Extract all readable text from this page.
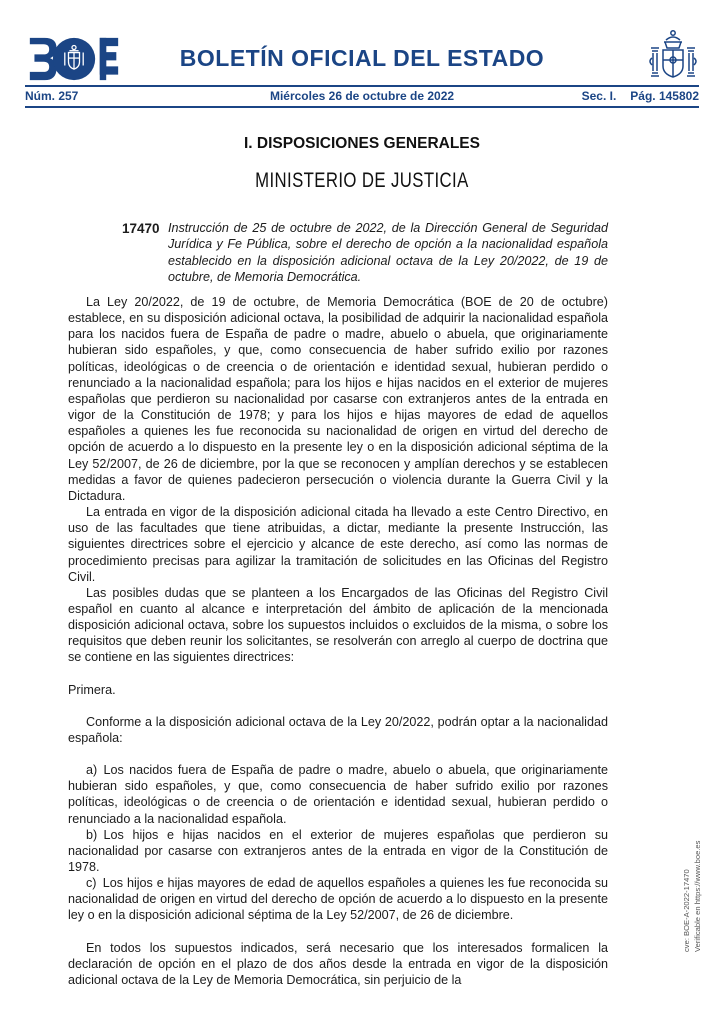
BOLETÍN OFICIAL DEL ESTADO
Núm. 257	Miércoles 26 de octubre de 2022	Sec. I. Pág. 145802
I. DISPOSICIONES GENERALES
MINISTERIO DE JUSTICIA
17470 Instrucción de 25 de octubre de 2022, de la Dirección General de Seguridad Jurídica y Fe Pública, sobre el derecho de opción a la nacionalidad española establecido en la disposición adicional octava de la Ley 20/2022, de 19 de octubre, de Memoria Democrática.

La Ley 20/2022, de 19 de octubre, de Memoria Democrática (BOE de 20 de octubre) establece, en su disposición adicional octava, la posibilidad de adquirir la nacionalidad española para los nacidos fuera de España de padre o madre, abuelo o abuela, que originariamente hubieran sido españoles, y que, como consecuencia de haber sufrido exilio por razones políticas, ideológicas o de creencia o de orientación e identidad sexual, hubieran perdido o renunciado a la nacionalidad española; para los hijos e hijas nacidos en el exterior de mujeres españolas que perdieron su nacionalidad por casarse con extranjeros antes de la entrada en vigor de la Constitución de 1978; y para los hijos e hijas mayores de edad de aquellos españoles a quienes les fue reconocida su nacionalidad de origen en virtud del derecho de opción de acuerdo a lo dispuesto en la presente ley o en la disposición adicional séptima de la Ley 52/2007, de 26 de diciembre, por la que se reconocen y amplían derechos y se establecen medidas a favor de quienes padecieron persecución o violencia durante la Guerra Civil y la Dictadura.

La entrada en vigor de la disposición adicional citada ha llevado a este Centro Directivo, en uso de las facultades que tiene atribuidas, a dictar, mediante la presente Instrucción, las siguientes directrices sobre el ejercicio y alcance de este derecho, así como las normas de procedimiento precisas para agilizar la tramitación de solicitudes en las Oficinas del Registro Civil.

Las posibles dudas que se planteen a los Encargados de las Oficinas del Registro Civil español en cuanto al alcance e interpretación del ámbito de aplicación de la mencionada disposición adicional octava, sobre los supuestos incluidos o excluidos de la misma, o sobre los requisitos que deben reunir los solicitantes, se resolverán con arreglo al cuerpo de doctrina que se contiene en las siguientes directrices:

Primera.

Conforme a la disposición adicional octava de la Ley 20/2022, podrán optar a la nacionalidad española:

a) Los nacidos fuera de España de padre o madre, abuelo o abuela, que originariamente hubieran sido españoles, y que, como consecuencia de haber sufrido exilio por razones políticas, ideológicas o de creencia o de orientación e identidad sexual, hubieran perdido o renunciado a la nacionalidad española.

b) Los hijos e hijas nacidos en el exterior de mujeres españolas que perdieron su nacionalidad por casarse con extranjeros antes de la entrada en vigor de la Constitución de 1978.

c) Los hijos e hijas mayores de edad de aquellos españoles a quienes les fue reconocida su nacionalidad de origen en virtud del derecho de opción de acuerdo a lo dispuesto en la presente ley o en la disposición adicional séptima de la Ley 52/2007, de 26 de diciembre.

En todos los supuestos indicados, será necesario que los interesados formalicen la declaración de opción en el plazo de dos años desde la entrada en vigor de la disposición adicional octava de la Ley de Memoria Democrática, sin perjuicio de la

cve: BOE-A-2022-17470 Verificable en https://www.boe.es
